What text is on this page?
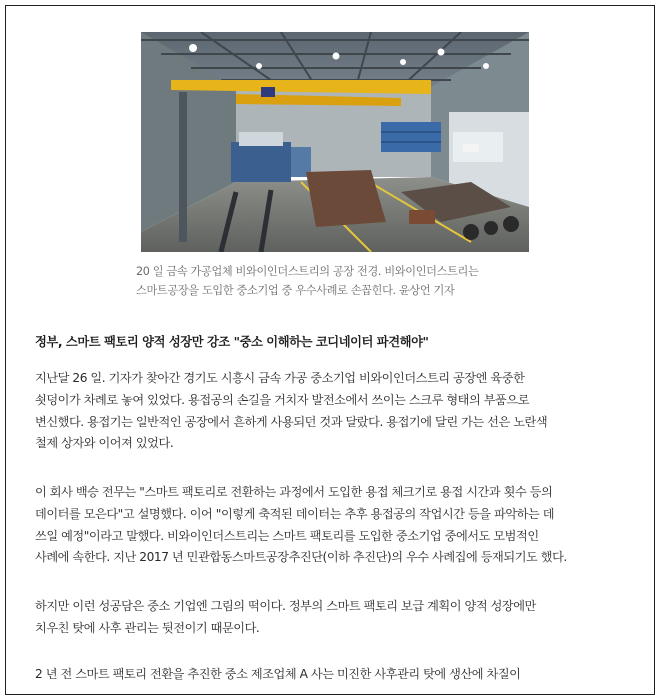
20 일 금속 가공업체 비와이인더스트리의 공장 전경. 비와이인더스트리는
스마트공장을 도입한 중소기업 중 우수사례로 손꼽힌다. 윤상언 기자
정부, 스마트 팩토리 양적 성장만 강조 "중소 이해하는 코디네이터 파견해야"
지난달 26 일. 기자가 찾아간 경기도 시흥시 금속 가공 중소기업 비와이인더스트리 공장엔 육중한
쇳덩이가 차례로 놓여 있었다. 용접공의 손길을 거치자 발전소에서 쓰이는 스크루 형태의 부품으로
변신했다. 용접기는 일반적인 공장에서 흔하게 사용되던 것과 달랐다. 용접기에 달린 가는 선은 노란색
철제 상자와 이어져 있었다.
이 회사 백승 전무는 "스마트 팩토리로 전환하는 과정에서 도입한 용접 체크기로 용접 시간과 횟수 등의
데이터를 모은다"고 설명했다. 이어 "이렇게 축적된 데이터는 추후 용접공의 작업시간 등을 파악하는 데
쓰일 예정"이라고 말했다. 비와이인더스트리는 스마트 팩토리를 도입한 중소기업 중에서도 모범적인
사례에 속한다. 지난 2017 년 민관합동스마트공장추진단(이하 추진단)의 우수 사례집에 등재되기도 했다.
하지만 이런 성공담은 중소 기업엔 그림의 떡이다. 정부의 스마트 팩토리 보급 계획이 양적 성장에만
치우친 탓에 사후 관리는 뒷전이기 때문이다.
2 년 전 스마트 팩토리 전환을 추진한 중소 제조업체 A 사는 미진한 사후관리 탓에 생산에 차질이
